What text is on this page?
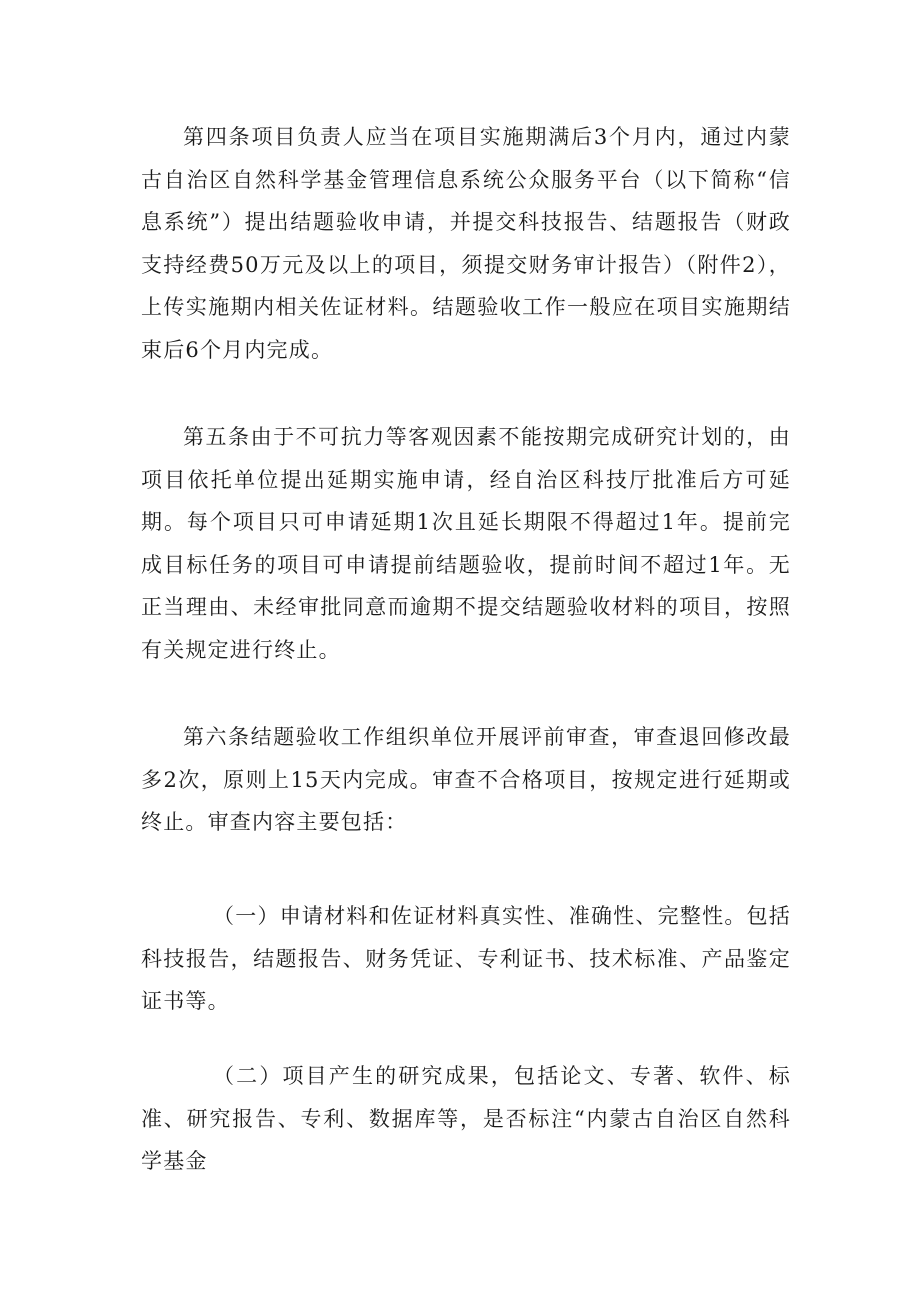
第四条项目负责人应当在项目实施期满后3个月内，通过内蒙古自治区自然科学基金管理信息系统公众服务平台（以下简称“信息系统”）提出结题验收申请，并提交科技报告、结题报告（财政支持经费50万元及以上的项目，须提交财务审计报告）（附件2），上传实施期内相关佐证材料。结题验收工作一般应在项目实施期结束后6个月内完成。

第五条由于不可抗力等客观因素不能按期完成研究计划的，由项目依托单位提出延期实施申请，经自治区科技厅批准后方可延期。每个项目只可申请延期1次且延长期限不得超过1年。提前完成目标任务的项目可申请提前结题验收，提前时间不超过1年。无正当理由、未经审批同意而逾期不提交结题验收材料的项目，按照有关规定进行终止。

第六条结题验收工作组织单位开展评前审查，审查退回修改最多2次，原则上15天内完成。审查不合格项目，按规定进行延期或终止。审查内容主要包括：

（一）申请材料和佐证材料真实性、准确性、完整性。包括科技报告，结题报告、财务凭证、专利证书、技术标准、产品鉴定证书等。

（二）项目产生的研究成果，包括论文、专著、软件、标准、研究报告、专利、数据库等，是否标注“内蒙古自治区自然科学基金
